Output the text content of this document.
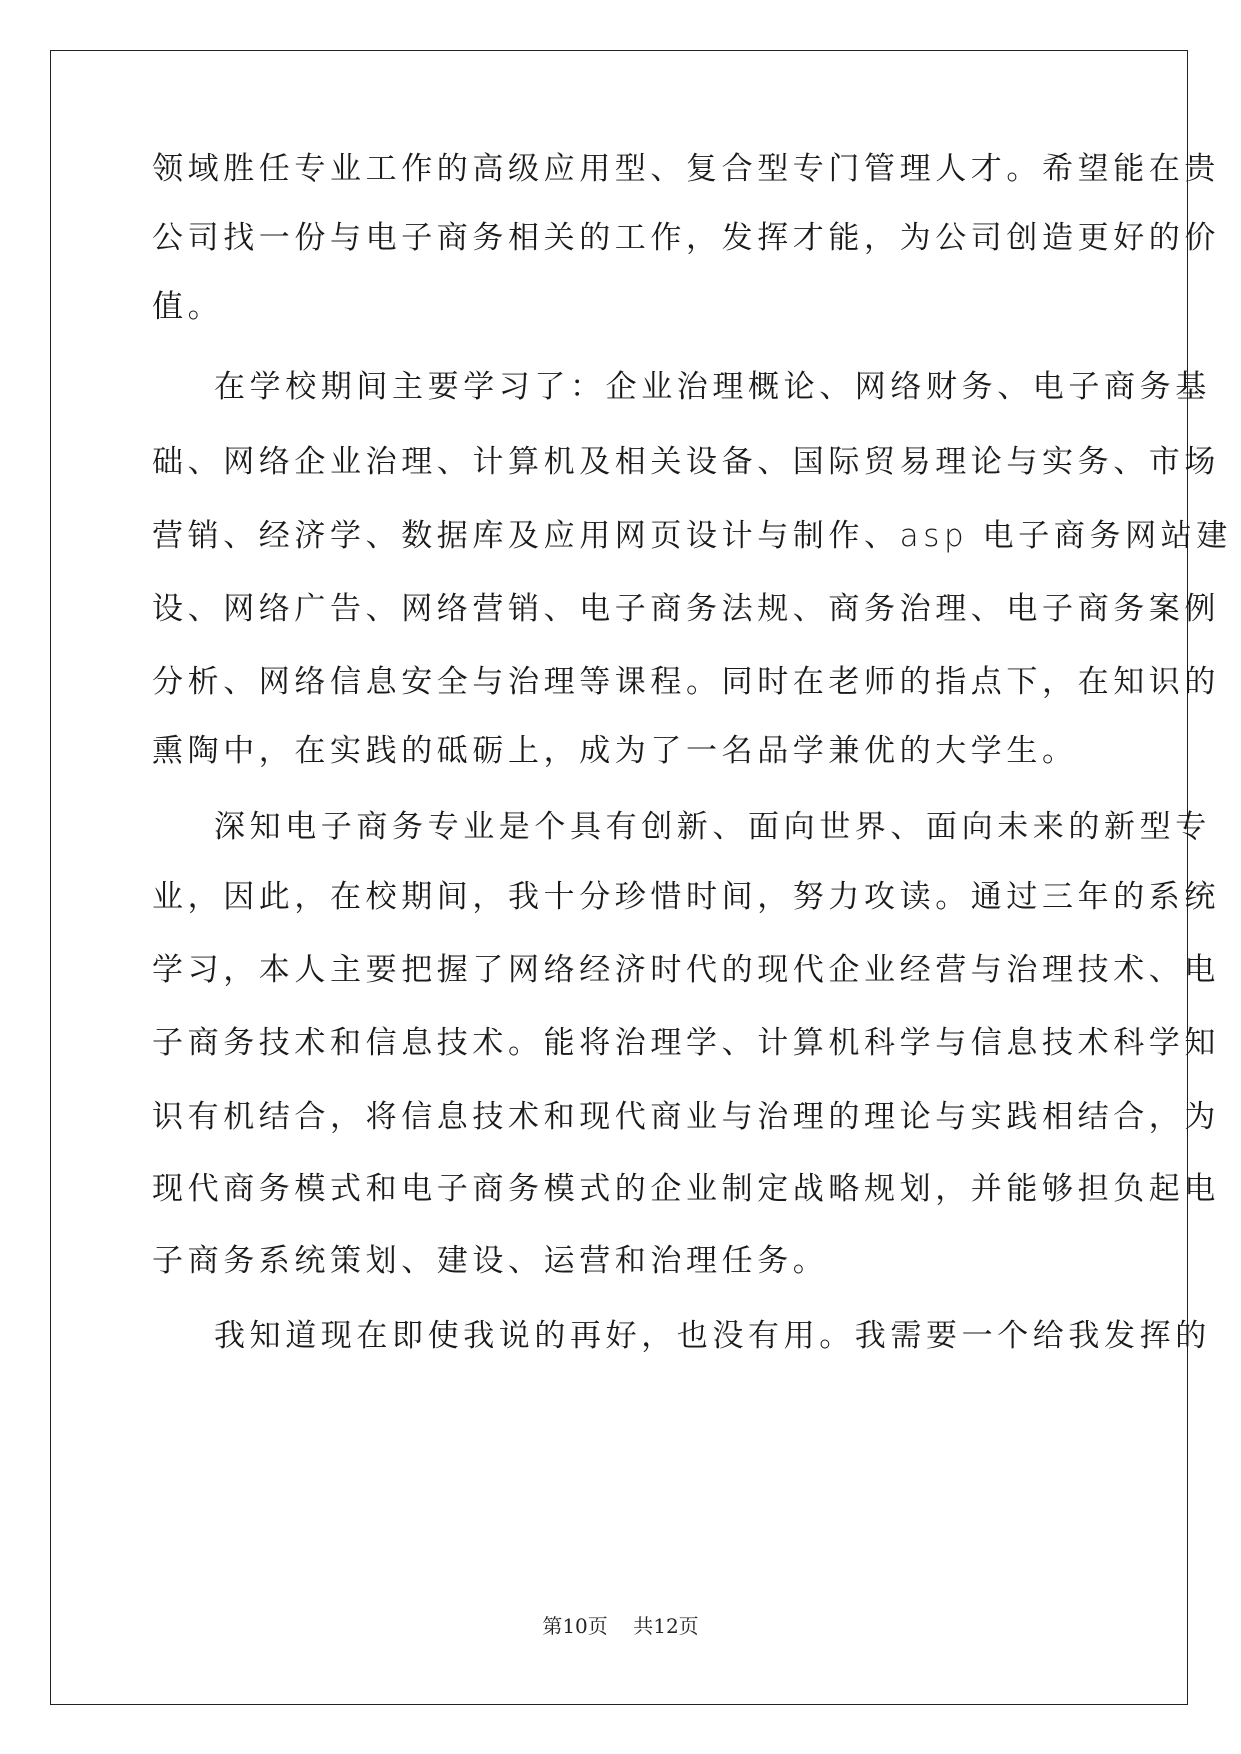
领域胜任专业工作的高级应用型、复合型专门管理人才。希望能在贵
公司找一份与电子商务相关的工作，发挥才能，为公司创造更好的价
值。
在学校期间主要学习了：企业治理概论、网络财务、电子商务基
础、网络企业治理、计算机及相关设备、国际贸易理论与实务、市场
营销、经济学、数据库及应用网页设计与制作、asp 电子商务网站建
设、网络广告、网络营销、电子商务法规、商务治理、电子商务案例
分析、网络信息安全与治理等课程。同时在老师的指点下，在知识的
熏陶中，在实践的砥砺上，成为了一名品学兼优的大学生。
深知电子商务专业是个具有创新、面向世界、面向未来的新型专
业，因此，在校期间，我十分珍惜时间，努力攻读。通过三年的系统
学习，本人主要把握了网络经济时代的现代企业经营与治理技术、电
子商务技术和信息技术。能将治理学、计算机科学与信息技术科学知
识有机结合，将信息技术和现代商业与治理的理论与实践相结合，为
现代商务模式和电子商务模式的企业制定战略规划，并能够担负起电
子商务系统策划、建设、运营和治理任务。
我知道现在即使我说的再好，也没有用。我需要一个给我发挥的
第10页    共12页
